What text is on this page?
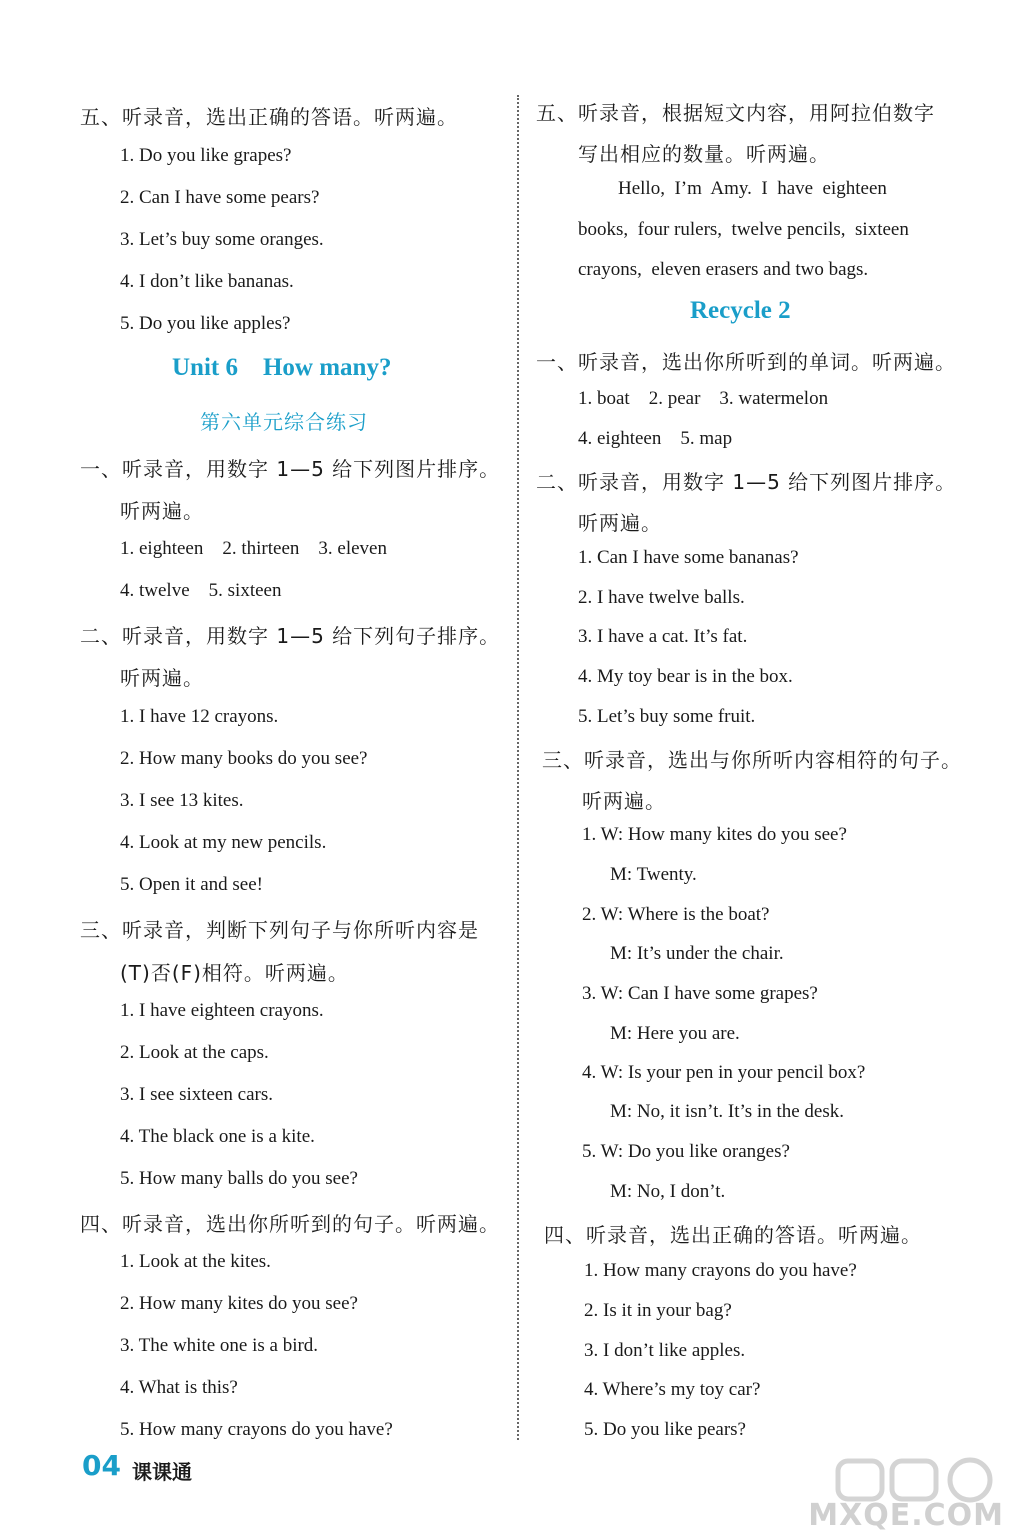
五、听录音，选出正确的答语。听两遍。
1. Do you like grapes?
2. Can I have some pears?
3. Let’s buy some oranges.
4. I don’t like bananas.
5. Do you like apples?
Unit 6    How many?
第六单元综合练习
一、听录音，用数字 1—5 给下列图片排序。
听两遍。
1. eighteen    2. thirteen    3. eleven
4. twelve    5. sixteen
二、听录音，用数字 1—5 给下列句子排序。
听两遍。
1. I have 12 crayons.
2. How many books do you see?
3. I see 13 kites.
4. Look at my new pencils.
5. Open it and see!
三、听录音，判断下列句子与你所听内容是
(T)否(F)相符。听两遍。
1. I have eighteen crayons.
2. Look at the caps.
3. I see sixteen cars.
4. The black one is a kite.
5. How many balls do you see?
四、听录音，选出你所听到的句子。听两遍。
1. Look at the kites.
2. How many kites do you see?
3. The white one is a bird.
4. What is this?
5. How many crayons do you have?
五、听录音，根据短文内容，用阿拉伯数字
写出相应的数量。听两遍。
Hello,  I’m  Amy.  I  have  eighteen
books,  four rulers,  twelve pencils,  sixteen
crayons,  eleven erasers and two bags.
Recycle 2
一、听录音，选出你所听到的单词。听两遍。
1. boat    2. pear    3. watermelon
4. eighteen    5. map
二、听录音，用数字 1—5 给下列图片排序。
听两遍。
1. Can I have some bananas?
2. I have twelve balls.
3. I have a cat. It’s fat.
4. My toy bear is in the box.
5. Let’s buy some fruit.
三、听录音，选出与你所听内容相符的句子。
听两遍。
1. W: How many kites do you see?
M: Twenty.
2. W: Where is the boat?
M: It’s under the chair.
3. W: Can I have some grapes?
M: Here you are.
4. W: Is your pen in your pencil box?
M: No, it isn’t. It’s in the desk.
5. W: Do you like oranges?
M: No, I don’t.
四、听录音，选出正确的答语。听两遍。
1. How many crayons do you have?
2. Is it in your bag?
3. I don’t like apples.
4. Where’s my toy car?
5. Do you like pears?
04 课课通
MXQE.COM
